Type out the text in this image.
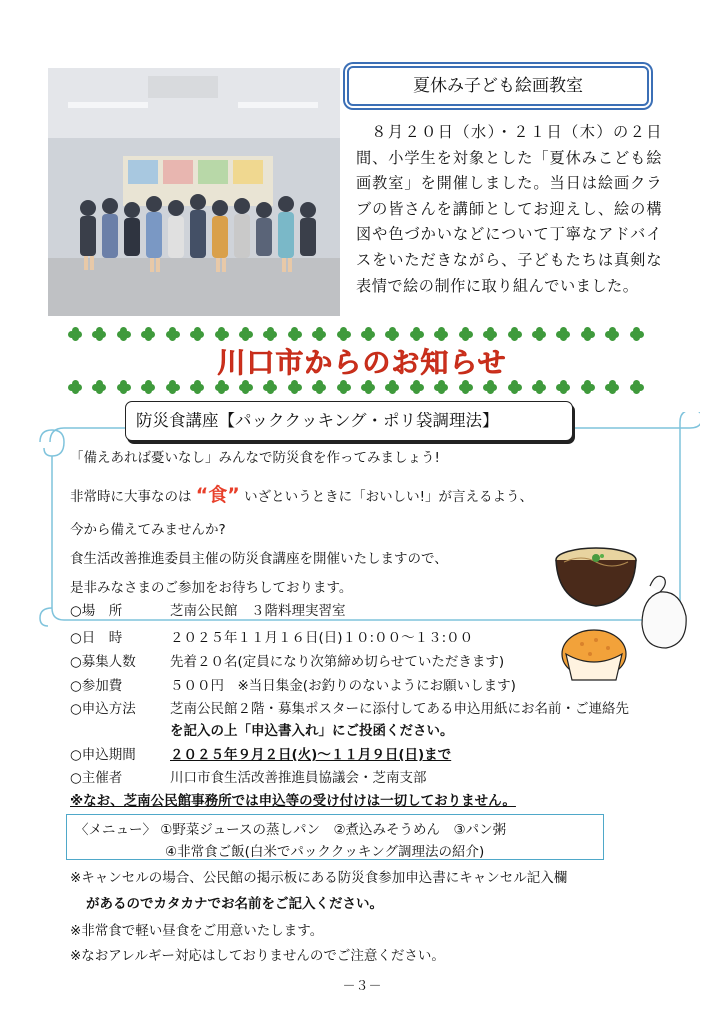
夏休み子ども絵画教室
８月２０日（水）・２１日（木）の２日間、小学生を対象とした「夏休みこども絵画教室」を開催しました。当日は絵画クラブの皆さんを講師としてお迎えし、絵の構図や色づかいなどについて丁寧なアドバイスをいただきながら、子どもたちは真剣な表情で絵の制作に取り組んでいました。
川口市からのお知らせ
防災食講座【パッククッキング・ポリ袋調理法】
「備えあれば憂いなし」みんなで防災食を作ってみましょう!
非常時に大事なのは “食” いざというときに「おいしい!」が言えるよう、
今から備えてみませんか?
食生活改善推進委員主催の防災食講座を開催いたしますので、
是非みなさまのご参加をお待ちしております。
○場　所	芝南公民館　３階料理実習室
○日　時	２０２５年１１月１６日(日)１０:００～１３:００
○募集人数	先着２０名(定員になり次第締め切らせていただきます)
○参加費	５００円　※当日集金(お釣りのないようにお願いします)
○申込方法	芝南公民館２階・募集ポスターに添付してある申込用紙にお名前・ご連絡先
を記入の上「申込書入れ」にご投函ください。
○申込期間	２０２５年９月２日(火)～１１月９日(日)まで
○主催者	川口市食生活改善推進員協議会・芝南支部
※なお、芝南公民館事務所では申込等の受け付けは一切しておりません。
〈メニュー〉 ①野菜ジュースの蒸しパン　②煮込みそうめん　③パン粥
④非常食ご飯(白米でパッククッキング調理法の紹介)
※キャンセルの場合、公民館の掲示板にある防災食参加申込書にキャンセル記入欄
があるのでカタカナでお名前をご記入ください。
※非常食で軽い昼食をご用意いたします。
※なおアレルギー対応はしておりませんのでご注意ください。
－３－
